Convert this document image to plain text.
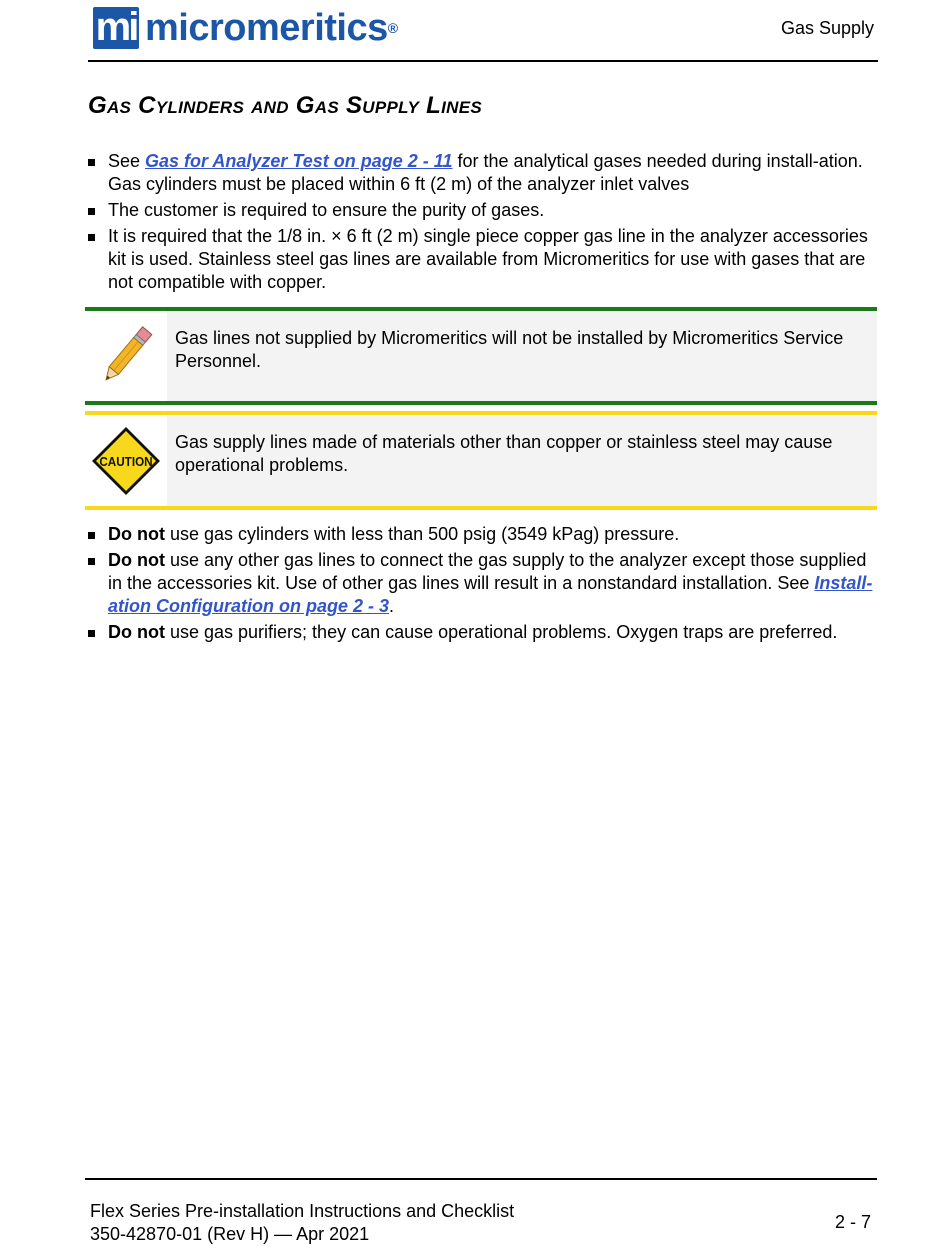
mi micromeritics®	Gas Supply
Gas Cylinders and Gas Supply Lines
See Gas for Analyzer Test on page 2 - 11 for the analytical gases needed during install-ation. Gas cylinders must be placed within 6 ft (2 m) of the analyzer inlet valves
The customer is required to ensure the purity of gases.
It is required that the 1/8 in. × 6 ft (2 m) single piece copper gas line in the analyzer accessories kit is used. Stainless steel gas lines are available from Micromeritics for use with gases that are not compatible with copper.
Gas lines not supplied by Micromeritics will not be installed by Micromeritics Service Personnel.
CAUTION
Gas supply lines made of materials other than copper or stainless steel may cause operational problems.
Do not use gas cylinders with less than 500 psig (3549 kPag) pressure.
Do not use any other gas lines to connect the gas supply to the analyzer except those supplied in the accessories kit. Use of other gas lines will result in a nonstandard installation. See Install-ation Configuration on page 2 - 3.
Do not use gas purifiers; they can cause operational problems. Oxygen traps are preferred.
Flex Series Pre-installation Instructions and Checklist
350-42870-01 (Rev H) — Apr 2021
2 - 7
